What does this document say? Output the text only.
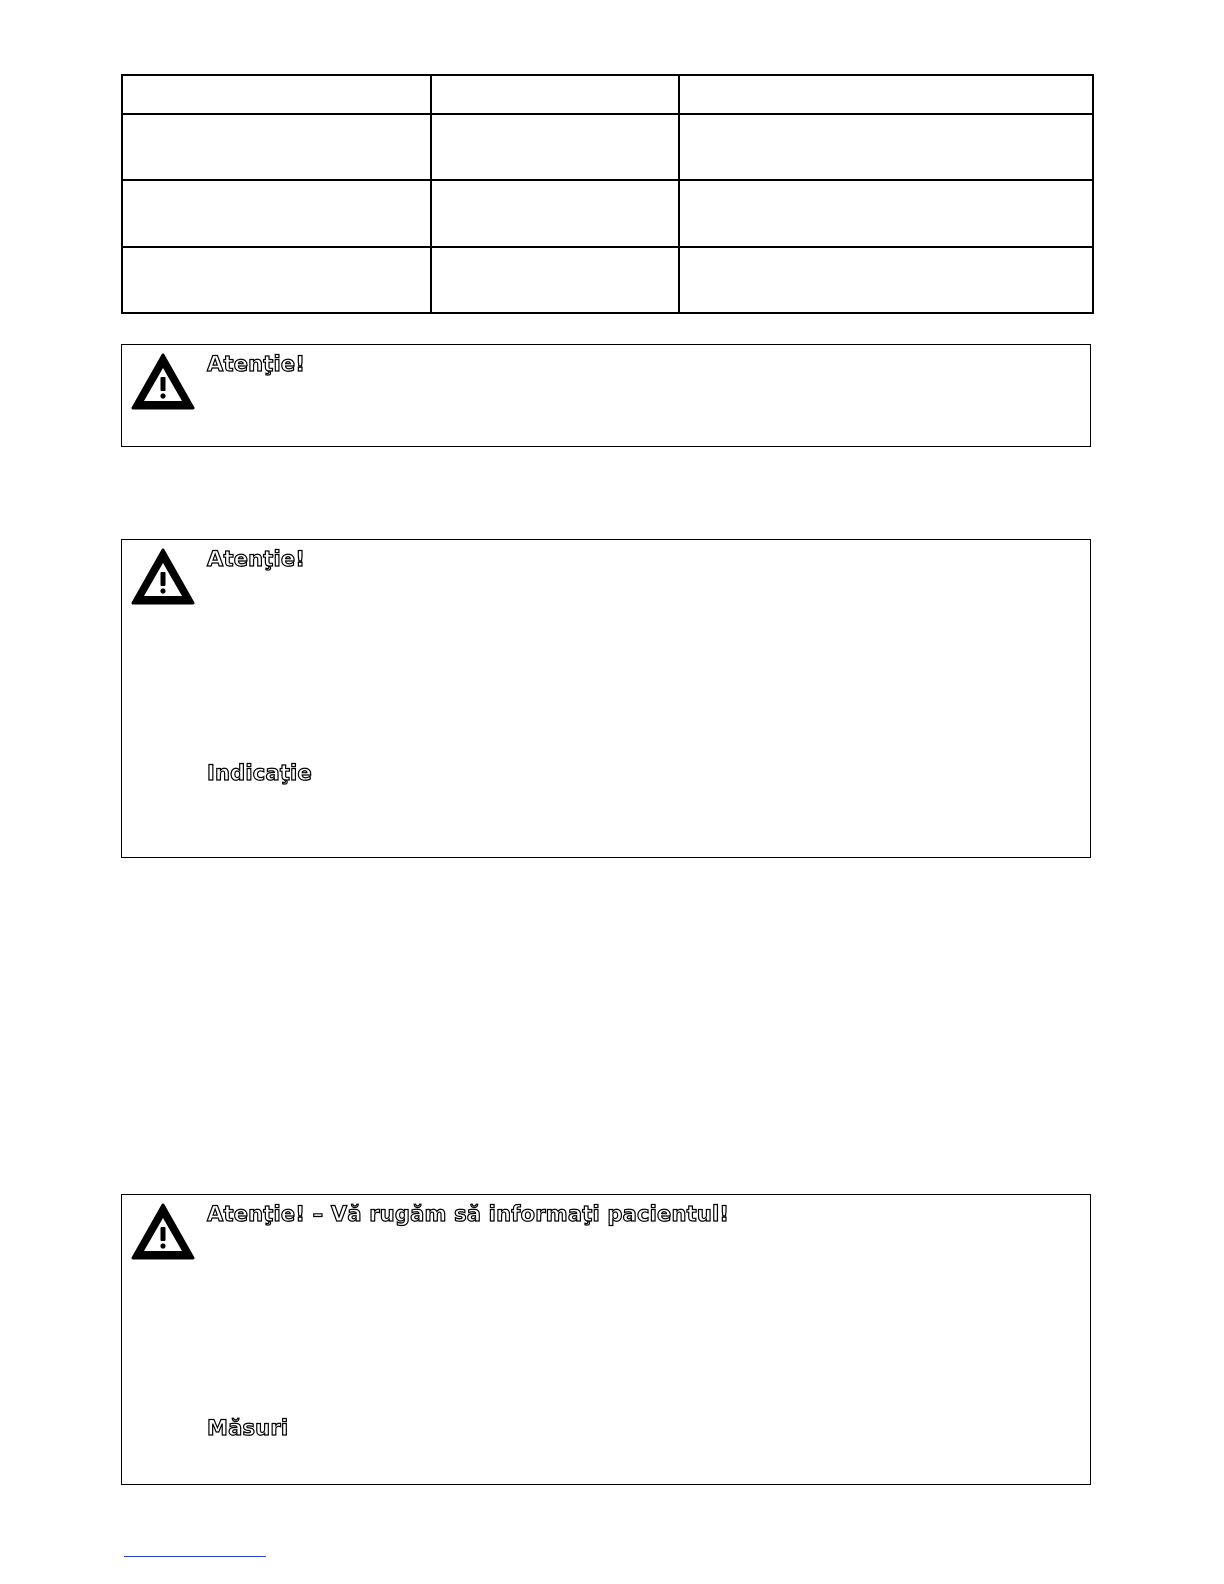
Atenţie!
Atenţie!
Indicaţie
Atenţie! – Vă rugăm să informaţi pacientul!
Măsuri
